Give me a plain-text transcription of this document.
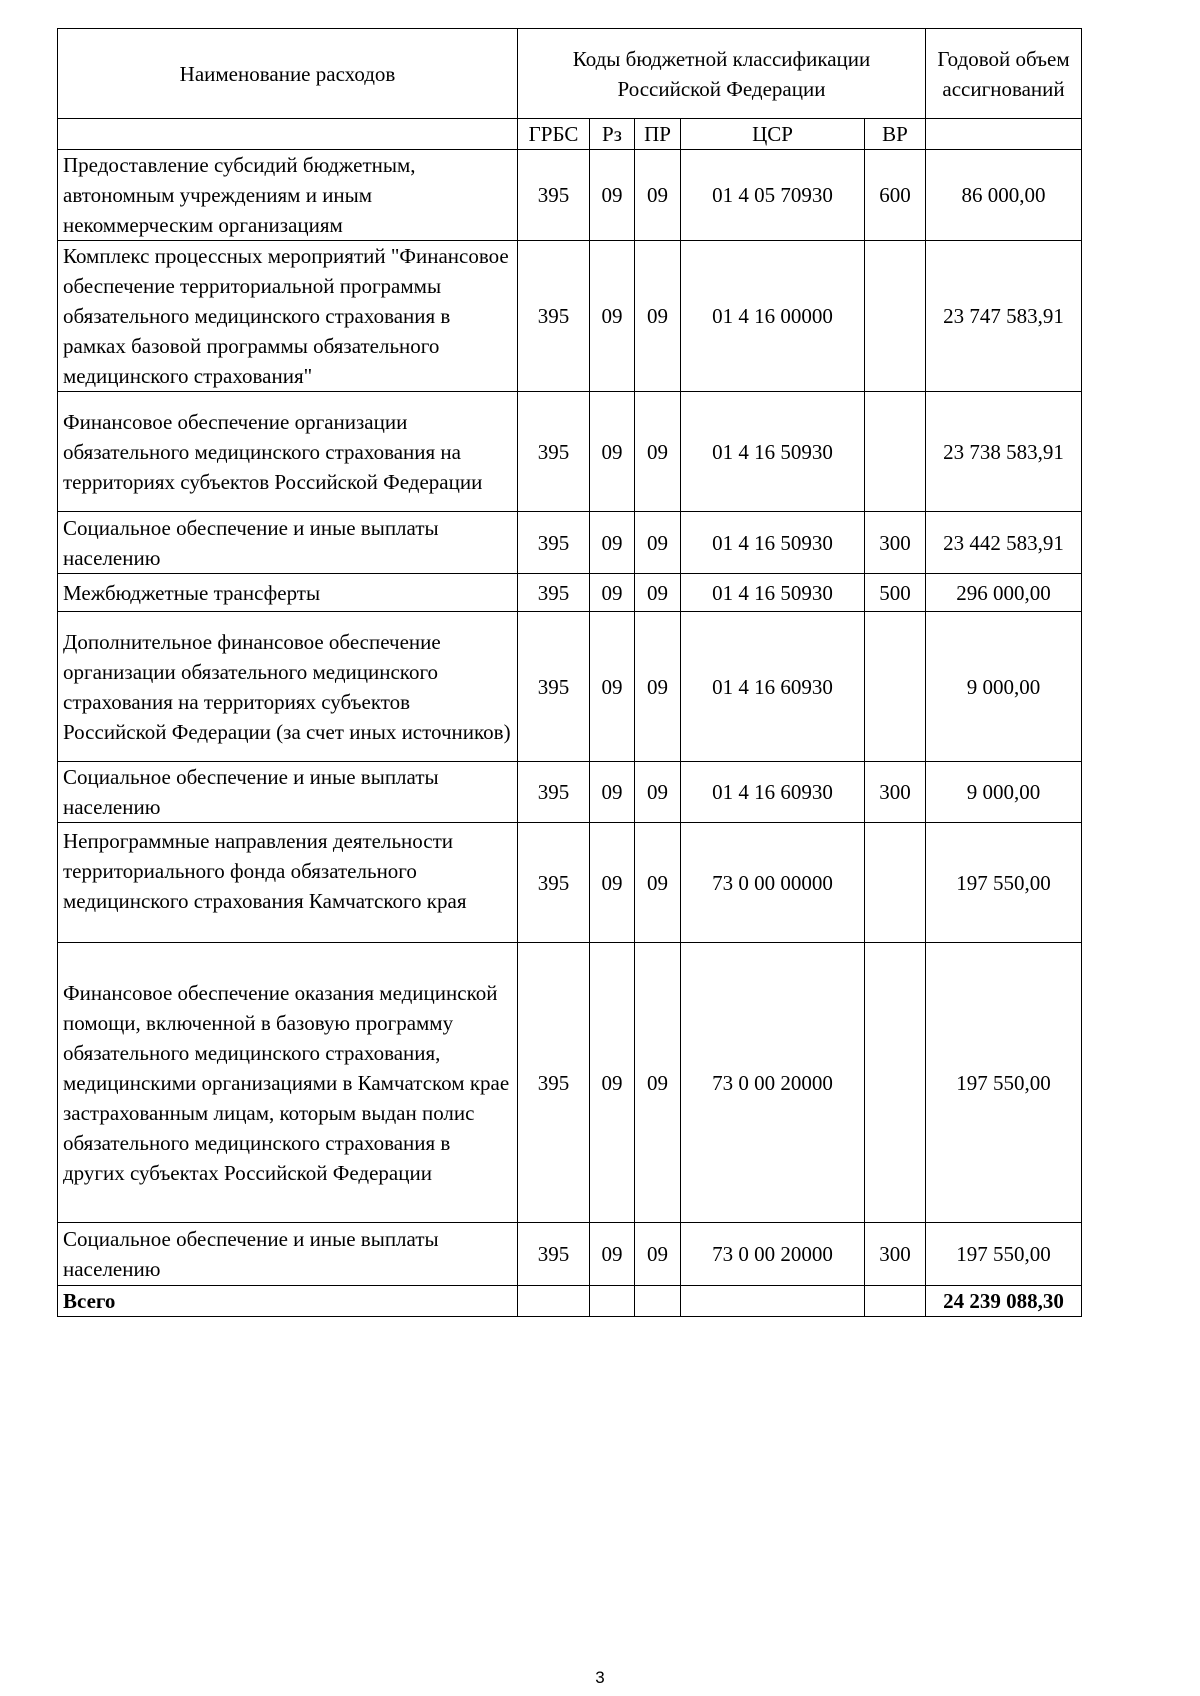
Наименование расходов	Коды бюджетной классификации Российской Федерации					Годовой объем ассигнований
	ГРБС	Рз	ПР	ЦСР	ВР	
Предоставление субсидий бюджетным, автономным учреждениям и иным некоммерческим организациям	395	09	09	01 4 05 70930	600	86 000,00
Комплекс процессных мероприятий "Финансовое обеспечение территориальной программы обязательного медицинского страхования в рамках базовой программы обязательного медицинского страхования"	395	09	09	01 4 16 00000		23 747 583,91
Финансовое обеспечение организации обязательного медицинского страхования на территориях субъектов Российской Федерации	395	09	09	01 4 16 50930		23 738 583,91
Социальное обеспечение и иные выплаты населению	395	09	09	01 4 16 50930	300	23 442 583,91
Межбюджетные трансферты	395	09	09	01 4 16 50930	500	296 000,00
Дополнительное финансовое обеспечение организации обязательного медицинского страхования на территориях субъектов Российской Федерации (за счет иных источников)	395	09	09	01 4 16 60930		9 000,00
Социальное обеспечение и иные выплаты населению	395	09	09	01 4 16 60930	300	9 000,00
Непрограммные направления деятельности территориального фонда обязательного медицинского страхования Камчатского края	395	09	09	73 0 00 00000		197 550,00
Финансовое обеспечение оказания медицинской помощи, включенной в базовую программу обязательного медицинского страхования, медицинскими организациями в Камчатском крае застрахованным лицам, которым выдан полис обязательного медицинского страхования в других субъектах Российской Федерации	395	09	09	73 0 00 20000		197 550,00
Социальное обеспечение и иные выплаты населению	395	09	09	73 0 00 20000	300	197 550,00
Всего						24 239 088,30
3
